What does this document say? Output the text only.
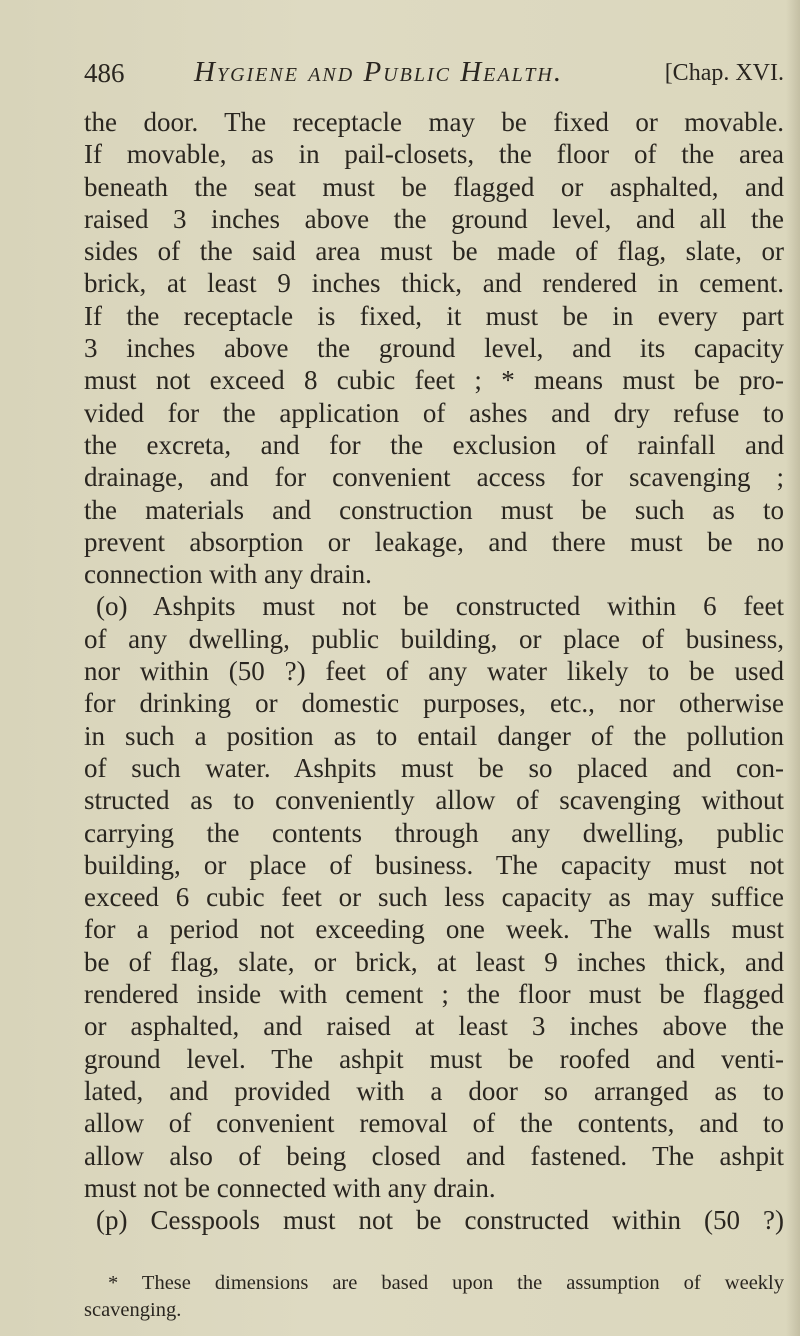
486 Hygiene and Public Health.	[Chap. XVI.
the door. The receptacle may be fixed or movable.
If movable, as in pail-closets, the floor of the area
beneath the seat must be flagged or asphalted, and
raised 3 inches above the ground level, and all the
sides of the said area must be made of flag, slate, or
brick, at least 9 inches thick, and rendered in cement.
If the receptacle is fixed, it must be in every part
3 inches above the ground level, and its capacity
must not exceed 8 cubic feet ; * means must be pro-
vided for the application of ashes and dry refuse to
the excreta, and for the exclusion of rainfall and
drainage, and for convenient access for scavenging ;
the materials and construction must be such as to
prevent absorption or leakage, and there must be no
connection with any drain.
(o) Ashpits must not be constructed within 6 feet
of any dwelling, public building, or place of business,
nor within (50 ?) feet of any water likely to be used
for drinking or domestic purposes, etc., nor otherwise
in such a position as to entail danger of the pollution
of such water. Ashpits must be so placed and con-
structed as to conveniently allow of scavenging without
carrying the contents through any dwelling, public
building, or place of business. The capacity must not
exceed 6 cubic feet or such less capacity as may suffice
for a period not exceeding one week. The walls must
be of flag, slate, or brick, at least 9 inches thick, and
rendered inside with cement ; the floor must be flagged
or asphalted, and raised at least 3 inches above the
ground level. The ashpit must be roofed and venti-
lated, and provided with a door so arranged as to
allow of convenient removal of the contents, and to
allow also of being closed and fastened. The ashpit
must not be connected with any drain.
(p) Cesspools must not be constructed within (50 ?)
* These dimensions are based upon the assumption of weekly
scavenging.
